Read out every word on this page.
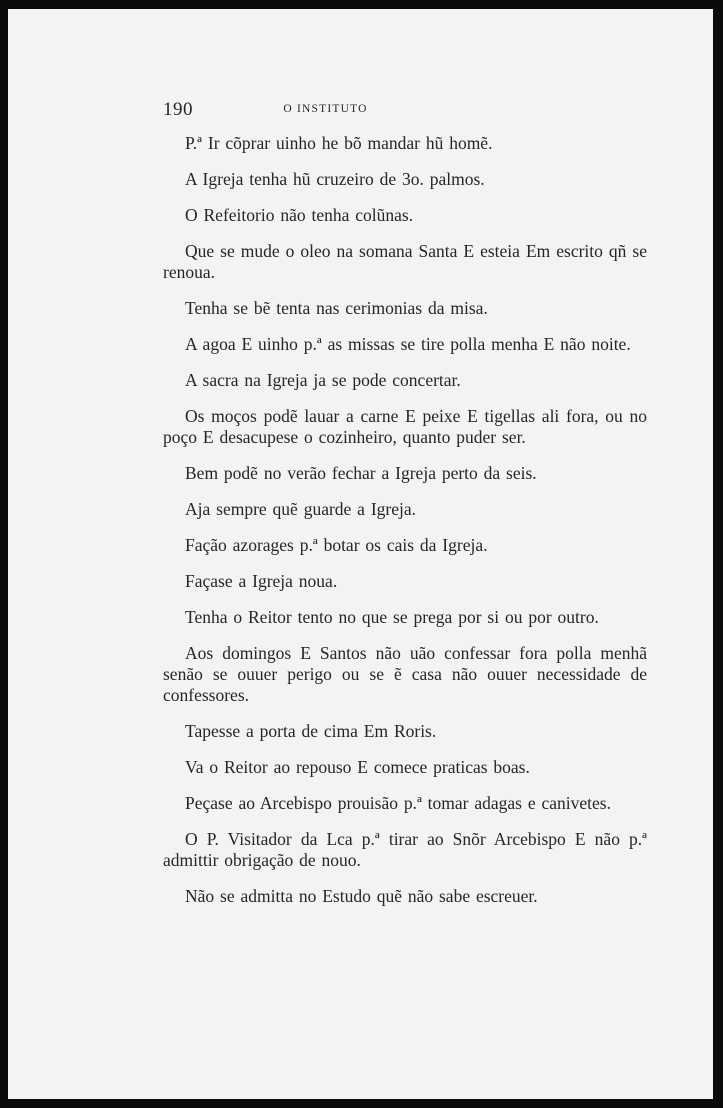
190	O INSTITUTO

P.ª Ir cõprar uinho he bõ mandar hũ homẽ.

A Igreja tenha hũ cruzeiro de 3o. palmos.

O Refeitorio não tenha colũnas.

Que se mude o oleo na somana Santa E esteia Em escrito qñ se renoua.

Tenha se bẽ tenta nas cerimonias da misa.

A agoa E uinho p.ª as missas se tire polla menha E não noite.

A sacra na Igreja ja se pode concertar.

Os moços podẽ lauar a carne E peixe E tigellas ali fora, ou no poço E desacupese o cozinheiro, quanto puder ser.

Bem podẽ no verão fechar a Igreja perto da seis.

Aja sempre quẽ guarde a Igreja.

Fação azorages p.ª botar os cais da Igreja.

Façase a Igreja noua.

Tenha o Reitor tento no que se prega por si ou por outro.

Aos domingos E Santos não uão confessar fora polla menhã senão se ouuer perigo ou se ẽ casa não ouuer necessidade de confessores.

Tapesse a porta de cima Em Roris.

Va o Reitor ao repouso E comece praticas boas.

Peçase ao Arcebispo prouisão p.ª tomar adagas e canivetes.

O P. Visitador da Lca p.ª tirar ao Snõr Arcebispo E não p.ª admittir obrigação de nouo.

Não se admitta no Estudo quẽ não sabe escreuer.
